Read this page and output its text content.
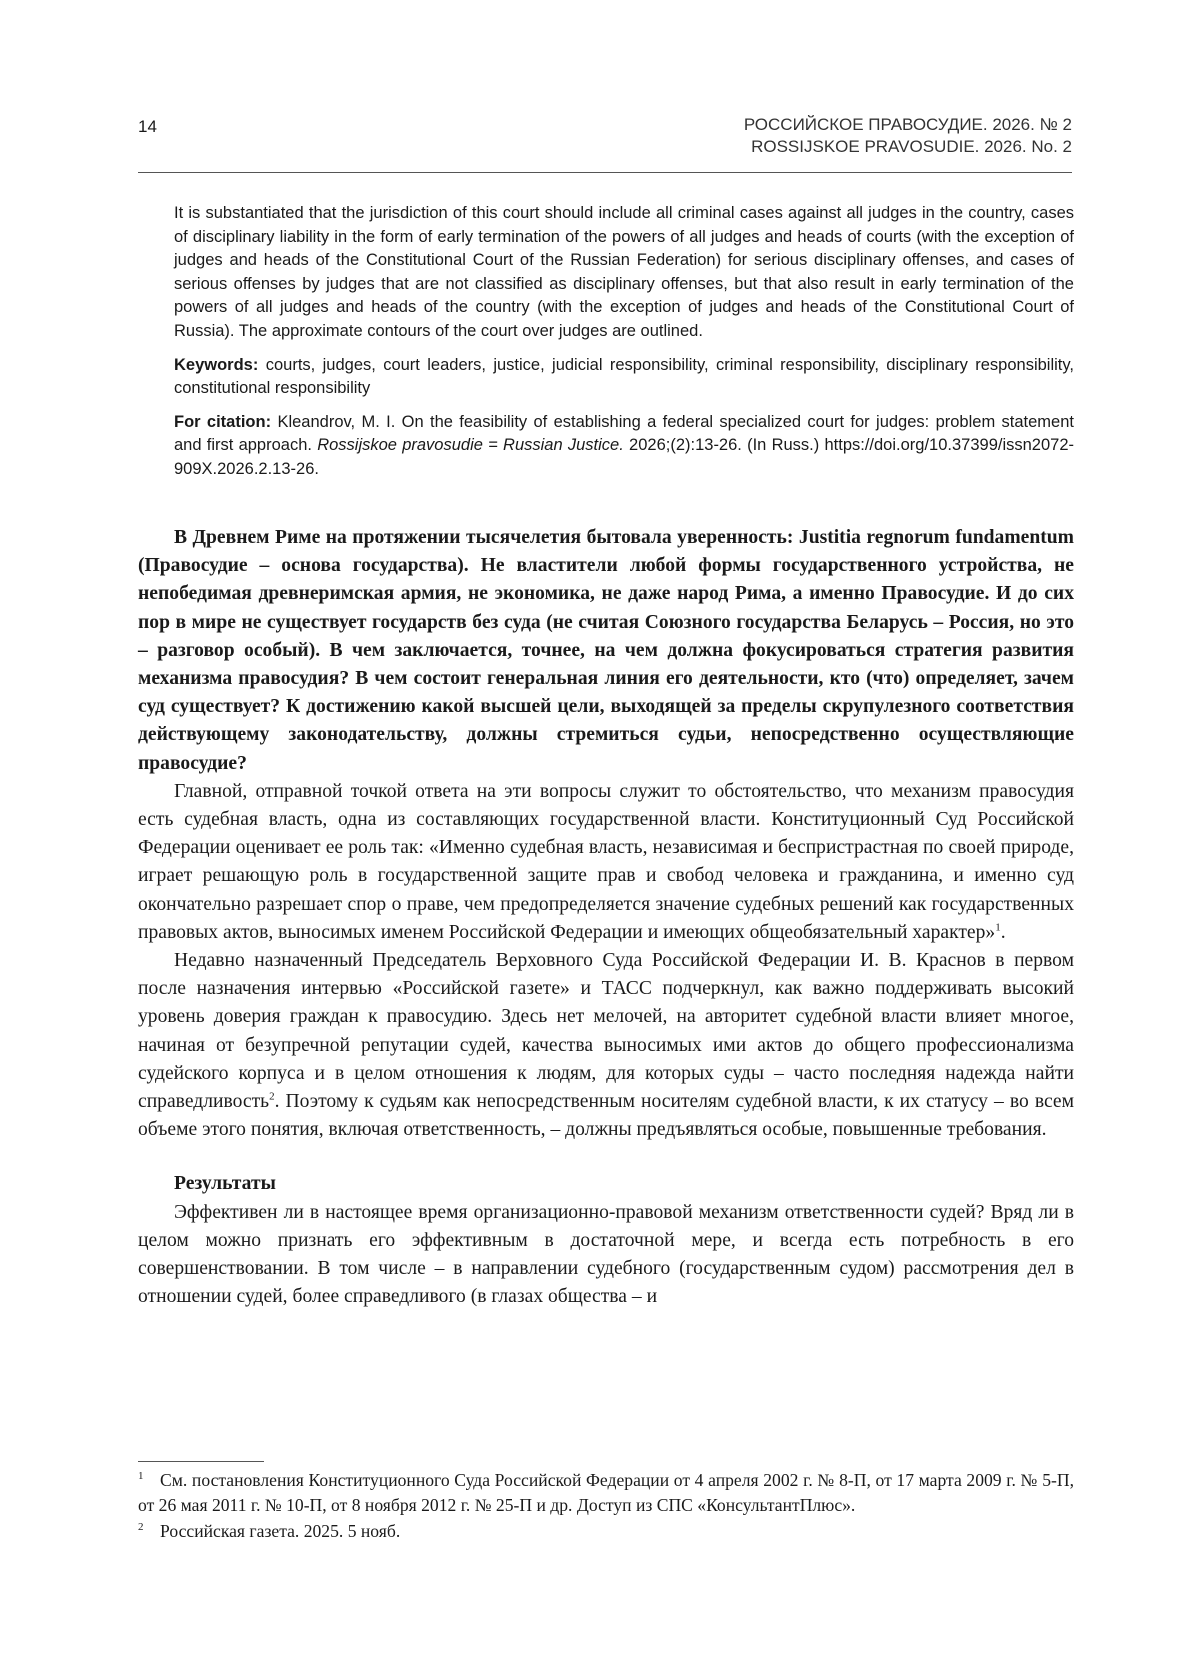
14	РОССИЙСКОЕ ПРАВОСУДИЕ. 2026. № 2
ROSSIJSKOE PRAVOSUDIE. 2026. No. 2

It is substantiated that the jurisdiction of this court should include all criminal cases against all judges in the country, cases of disciplinary liability in the form of early termination of the powers of all judges and heads of courts (with the exception of judges and heads of the Constitutional Court of the Russian Federation) for serious disciplinary offenses, and cases of serious offenses by judges that are not classified as disciplinary offenses, but that also result in early termination of the powers of all judges and heads of the country (with the exception of judges and heads of the Constitutional Court of Russia). The approximate contours of the court over judges are outlined.

Keywords: courts, judges, court leaders, justice, judicial responsibility, criminal responsibility, disciplinary responsibility, constitutional responsibility

For citation: Kleandrov, M. I. On the feasibility of establishing a federal specialized court for judges: problem statement and first approach. Rossijskoe pravosudie = Russian Justice. 2026;(2):13-26. (In Russ.) https://doi.org/10.37399/issn2072-909X.2026.2.13-26.

В Древнем Риме на протяжении тысячелетия бытовала уверенность: Justitia regnorum fundamentum (Правосудие – основа государства). Не властители любой формы государственного устройства, не непобедимая древнеримская армия, не экономика, не даже народ Рима, а именно Правосудие. И до сих пор в мире не существует государств без суда (не считая Союзного государства Беларусь – Россия, но это – разговор особый). В чем заключается, точнее, на чем должна фокусироваться стратегия развития механизма правосудия? В чем состоит генеральная линия его деятельности, кто (что) определяет, зачем суд существует? К достижению какой высшей цели, выходящей за пределы скрупулезного соответствия действующему законодательству, должны стремиться судьи, непосредственно осуществляющие правосудие?

Главной, отправной точкой ответа на эти вопросы служит то обстоятельство, что механизм правосудия есть судебная власть, одна из составляющих государственной власти. Конституционный Суд Российской Федерации оценивает ее роль так: «Именно судебная власть, независимая и беспристрастная по своей природе, играет решающую роль в государственной защите прав и свобод человека и гражданина, и именно суд окончательно разрешает спор о праве, чем предопределяется значение судебных решений как государственных правовых актов, выносимых именем Российской Федерации и имеющих общеобязательный характер»$^1$.

Недавно назначенный Председатель Верховного Суда Российской Федерации И. В. Краснов в первом после назначения интервью «Российской газете» и ТАСС подчеркнул, как важно поддерживать высокий уровень доверия граждан к правосудию. Здесь нет мелочей, на авторитет судебной власти влияет многое, начиная от безупречной репутации судей, качества выносимых ими актов до общего профессионализма судейского корпуса и в целом отношения к людям, для которых суды – часто последняя надежда найти справедливость$^2$. Поэтому к судьям как непосредственным носителям судебной власти, к их статусу – во всем объеме этого понятия, включая ответственность, – должны предъявляться особые, повышенные требования.

Результаты

Эффективен ли в настоящее время организационно-правовой механизм ответственности судей? Вряд ли в целом можно признать его эффективным в достаточной мере, и всегда есть потребность в его совершенствовании. В том числе – в направлении судебного (государственным судом) рассмотрения дел в отношении судей, более справедливого (в глазах общества – и

1 См. постановления Конституционного Суда Российской Федерации от 4 апреля 2002 г. № 8-П, от 17 марта 2009 г. № 5-П, от 26 мая 2011 г. № 10-П, от 8 ноября 2012 г. № 25-П и др. Доступ из СПС «КонсультантПлюс».

2 Российская газета. 2025. 5 нояб.
